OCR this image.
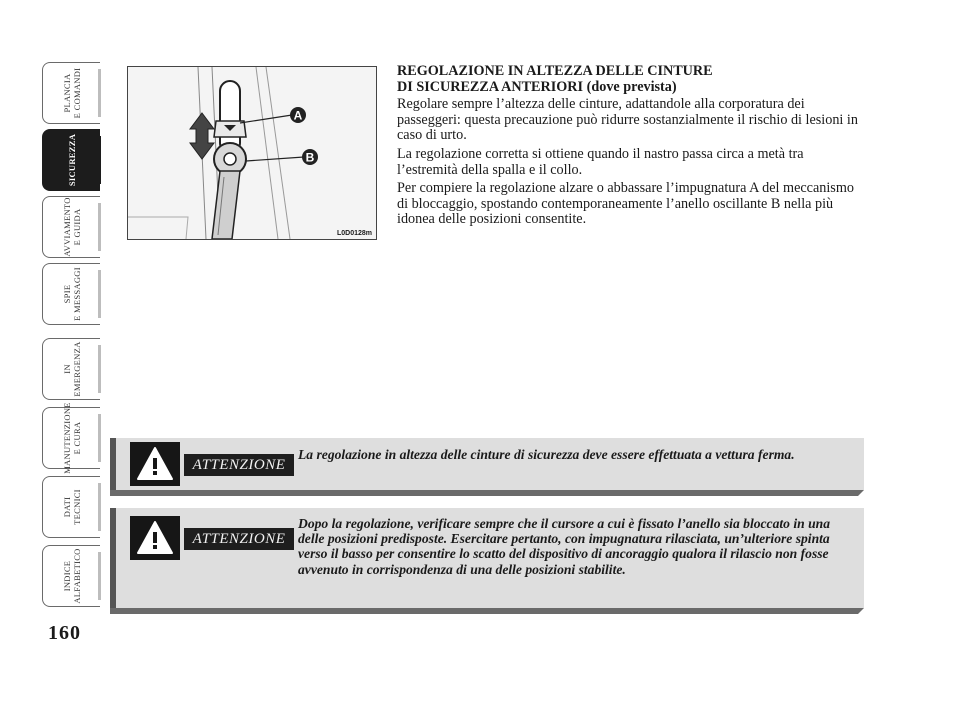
PLANCIA
E COMANDI
SICUREZZA
AVVIAMENTO
E GUIDA
SPIE
E MESSAGGI
IN
EMERGENZA
MANUTENZIONE
E CURA
DATI
TECNICI
INDICE
ALFABETICO
160
A
B
L0D0128m
REGOLAZIONE IN ALTEZZA DELLE CINTURE
DI SICUREZZA ANTERIORI (dove prevista)

Regolare sempre l’altezza delle cinture, adattandole alla corporatura dei passeggeri: questa precauzione può ridurre sostanzialmente il rischio di lesioni in caso di urto.

La regolazione corretta si ottiene quando il nastro passa circa a metà tra l’estremità della spalla e il collo.

Per compiere la regolazione alzare o abbassare l’impugnatura A del meccanismo di bloccaggio, spostando contemporaneamente l’anello oscillante B nella più idonea delle posizioni consentite.

ATTENZIONE
La regolazione in altezza delle cinture di sicurezza deve essere effettuata a vettura ferma.
ATTENZIONE
Dopo la regolazione, verificare sempre che il cursore a cui è fissato l’anello sia bloccato in una delle posizioni predisposte. Esercitare pertanto, con impugnatura rilasciata, un’ulteriore spinta verso il basso per consentire lo scatto del dispositivo di ancoraggio qualora il rilascio non fosse avvenuto in corrispondenza di una delle posizioni stabilite.
